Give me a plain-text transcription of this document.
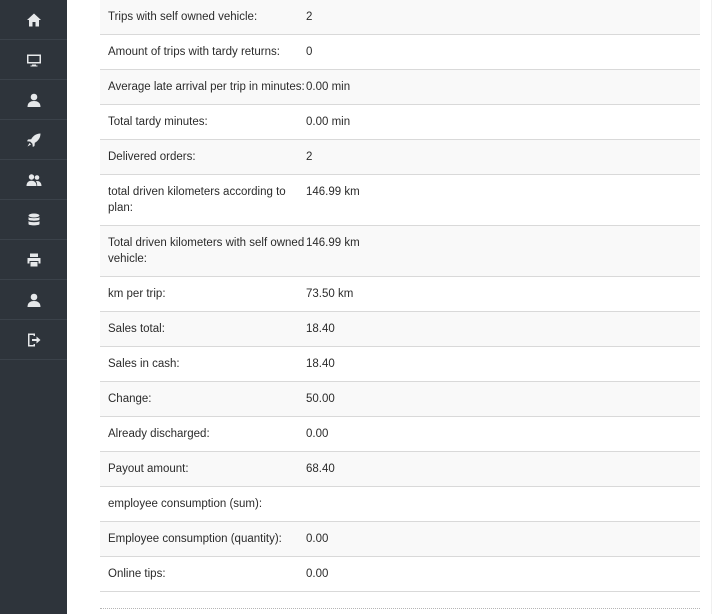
Trips with self owned vehicle:	2
Amount of trips with tardy returns:	0
Average late arrival per trip in minutes:	0.00 min
Total tardy minutes:	0.00 min
Delivered orders:	2
total driven kilometers according to plan:	146.99 km
Total driven kilometers with self owned vehicle:	146.99 km
km per trip:	73.50 km
Sales total:	18.40
Sales in cash:	18.40
Change:	50.00
Already discharged:	0.00
Payout amount:	68.40
employee consumption (sum):	
Employee consumption (quantity):	0.00
Online tips:	0.00
